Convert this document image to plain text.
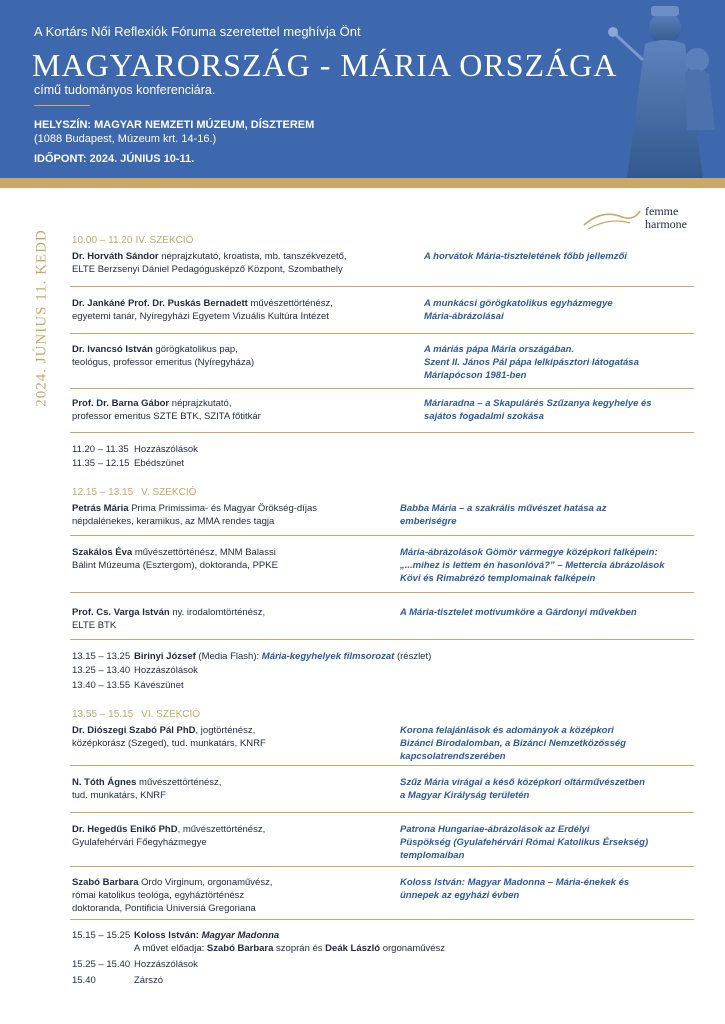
A Kortárs Női Reflexiók Fóruma szeretettel meghívja Önt
MAGYARORSZÁG - MÁRIA ORSZÁGA
című tudományos konferenciára.
HELYSZÍN: MAGYAR NEMZETI MÚZEUM, DÍSZTEREM
(1088 Budapest, Múzeum krt. 14-16.)
IDŐPONT: 2024. JÚNIUS 10-11.
femme
harmone
2024. JÚNIUS 11. KEDD 10.00 – 11.20 IV. SZEKCIÓ
Dr. Horváth Sándor néprajzkutató, kroatista, mb. tanszékvezető,
ELTE Berzsenyi Dániel Pedagógusképző Központ, Szombathely
A horvátok Mária-tiszteletének főbb jellemzői
Dr. Jankáné Prof. Dr. Puskás Bernadett művészettörténész,
egyetemi tanár, Nyíregyházi Egyetem Vizuális Kultúra Intézet
A munkácsi görögkatolikus egyházmegye
Mária-ábrázolásai
Dr. Ivancsó István görögkatolikus pap,
teológus, professor emeritus (Nyíregyháza)
A máriás pápa Mária országában.
Szent II. János Pál pápa lelkipásztori látogatása
Máriapócson 1981-ben
Prof. Dr. Barna Gábor néprajzkutató,
professor emeritus SZTE BTK, SZITA főtitkár
Máriaradna – a Skapulárés Szűzanya kegyhelye és
sajátos fogadalmi szokása
11.20 – 11.35 Hozzászólások
11.35 – 12.15 Ebédszünet
12.15 – 13.15 V. SZEKCIÓ
Petrás Mária Prima Primissima- és Magyar Örökség-díjas
népdalénekes, keramikus, az MMA rendes tagja
Babba Mária – a szakrális művészet hatása az
emberiségre
Szakálos Éva művészettörténész, MNM Balassi
Bálint Múzeuma (Esztergom), doktoranda, PPKE
Mária-ábrázolások Gömör vármegye középkori falképein:
„...mihez is lettem én hasonlóvá?” – Mettercia ábrázolások
Kövi és Rimabrézó templomainak falképein
Prof. Cs. Varga István ny. irodalomtörténész,
ELTE BTK
A Mária-tisztelet motívumköre a Gárdonyi művekben
13.15 – 13.25 Birinyi József (Media Flash): Mária-kegyhelyek filmsorozat (részlet)
13.25 – 13.40 Hozzászólások
13.40 – 13.55 Kávészünet
13.55 – 15.15 VI. SZEKCIÓ
Dr. Diószegi Szabó Pál PhD, jogtörténész,
középkorász (Szeged), tud. munkatárs, KNRF
Korona felajánlások és adományok a középkori
Bizánci Birodalomban, a Bizánci Nemzetközösség
kapcsolatrendszerében
N. Tóth Ágnes művészettörténész,
tud. munkatárs, KNRF
Szűz Mária virágai a késő középkori oltárművészetben
a Magyar Királyság területén
Dr. Hegedűs Enikő PhD, művészettörténész,
Gyulafehérvári Főegyházmegye
Patrona Hungariae-ábrázolások az Erdélyi
Püspökség (Gyulafehérvári Római Katolikus Érsekség)
templomaiban
Szabó Barbara Ordo Virginum, orgonaművész,
római katolikus teológa, egyháztörténész
doktoranda, Pontificia Universiá Gregoriana
Koloss István: Magyar Madonna – Mária-énekek és
ünnepek az egyházi évben
15.15 – 15.25 Koloss István: Magyar Madonna
A művet előadja: Szabó Barbara szoprán és Deák László orgonaművész
15.25 – 15.40 Hozzászólások
15.40	Zárszó
